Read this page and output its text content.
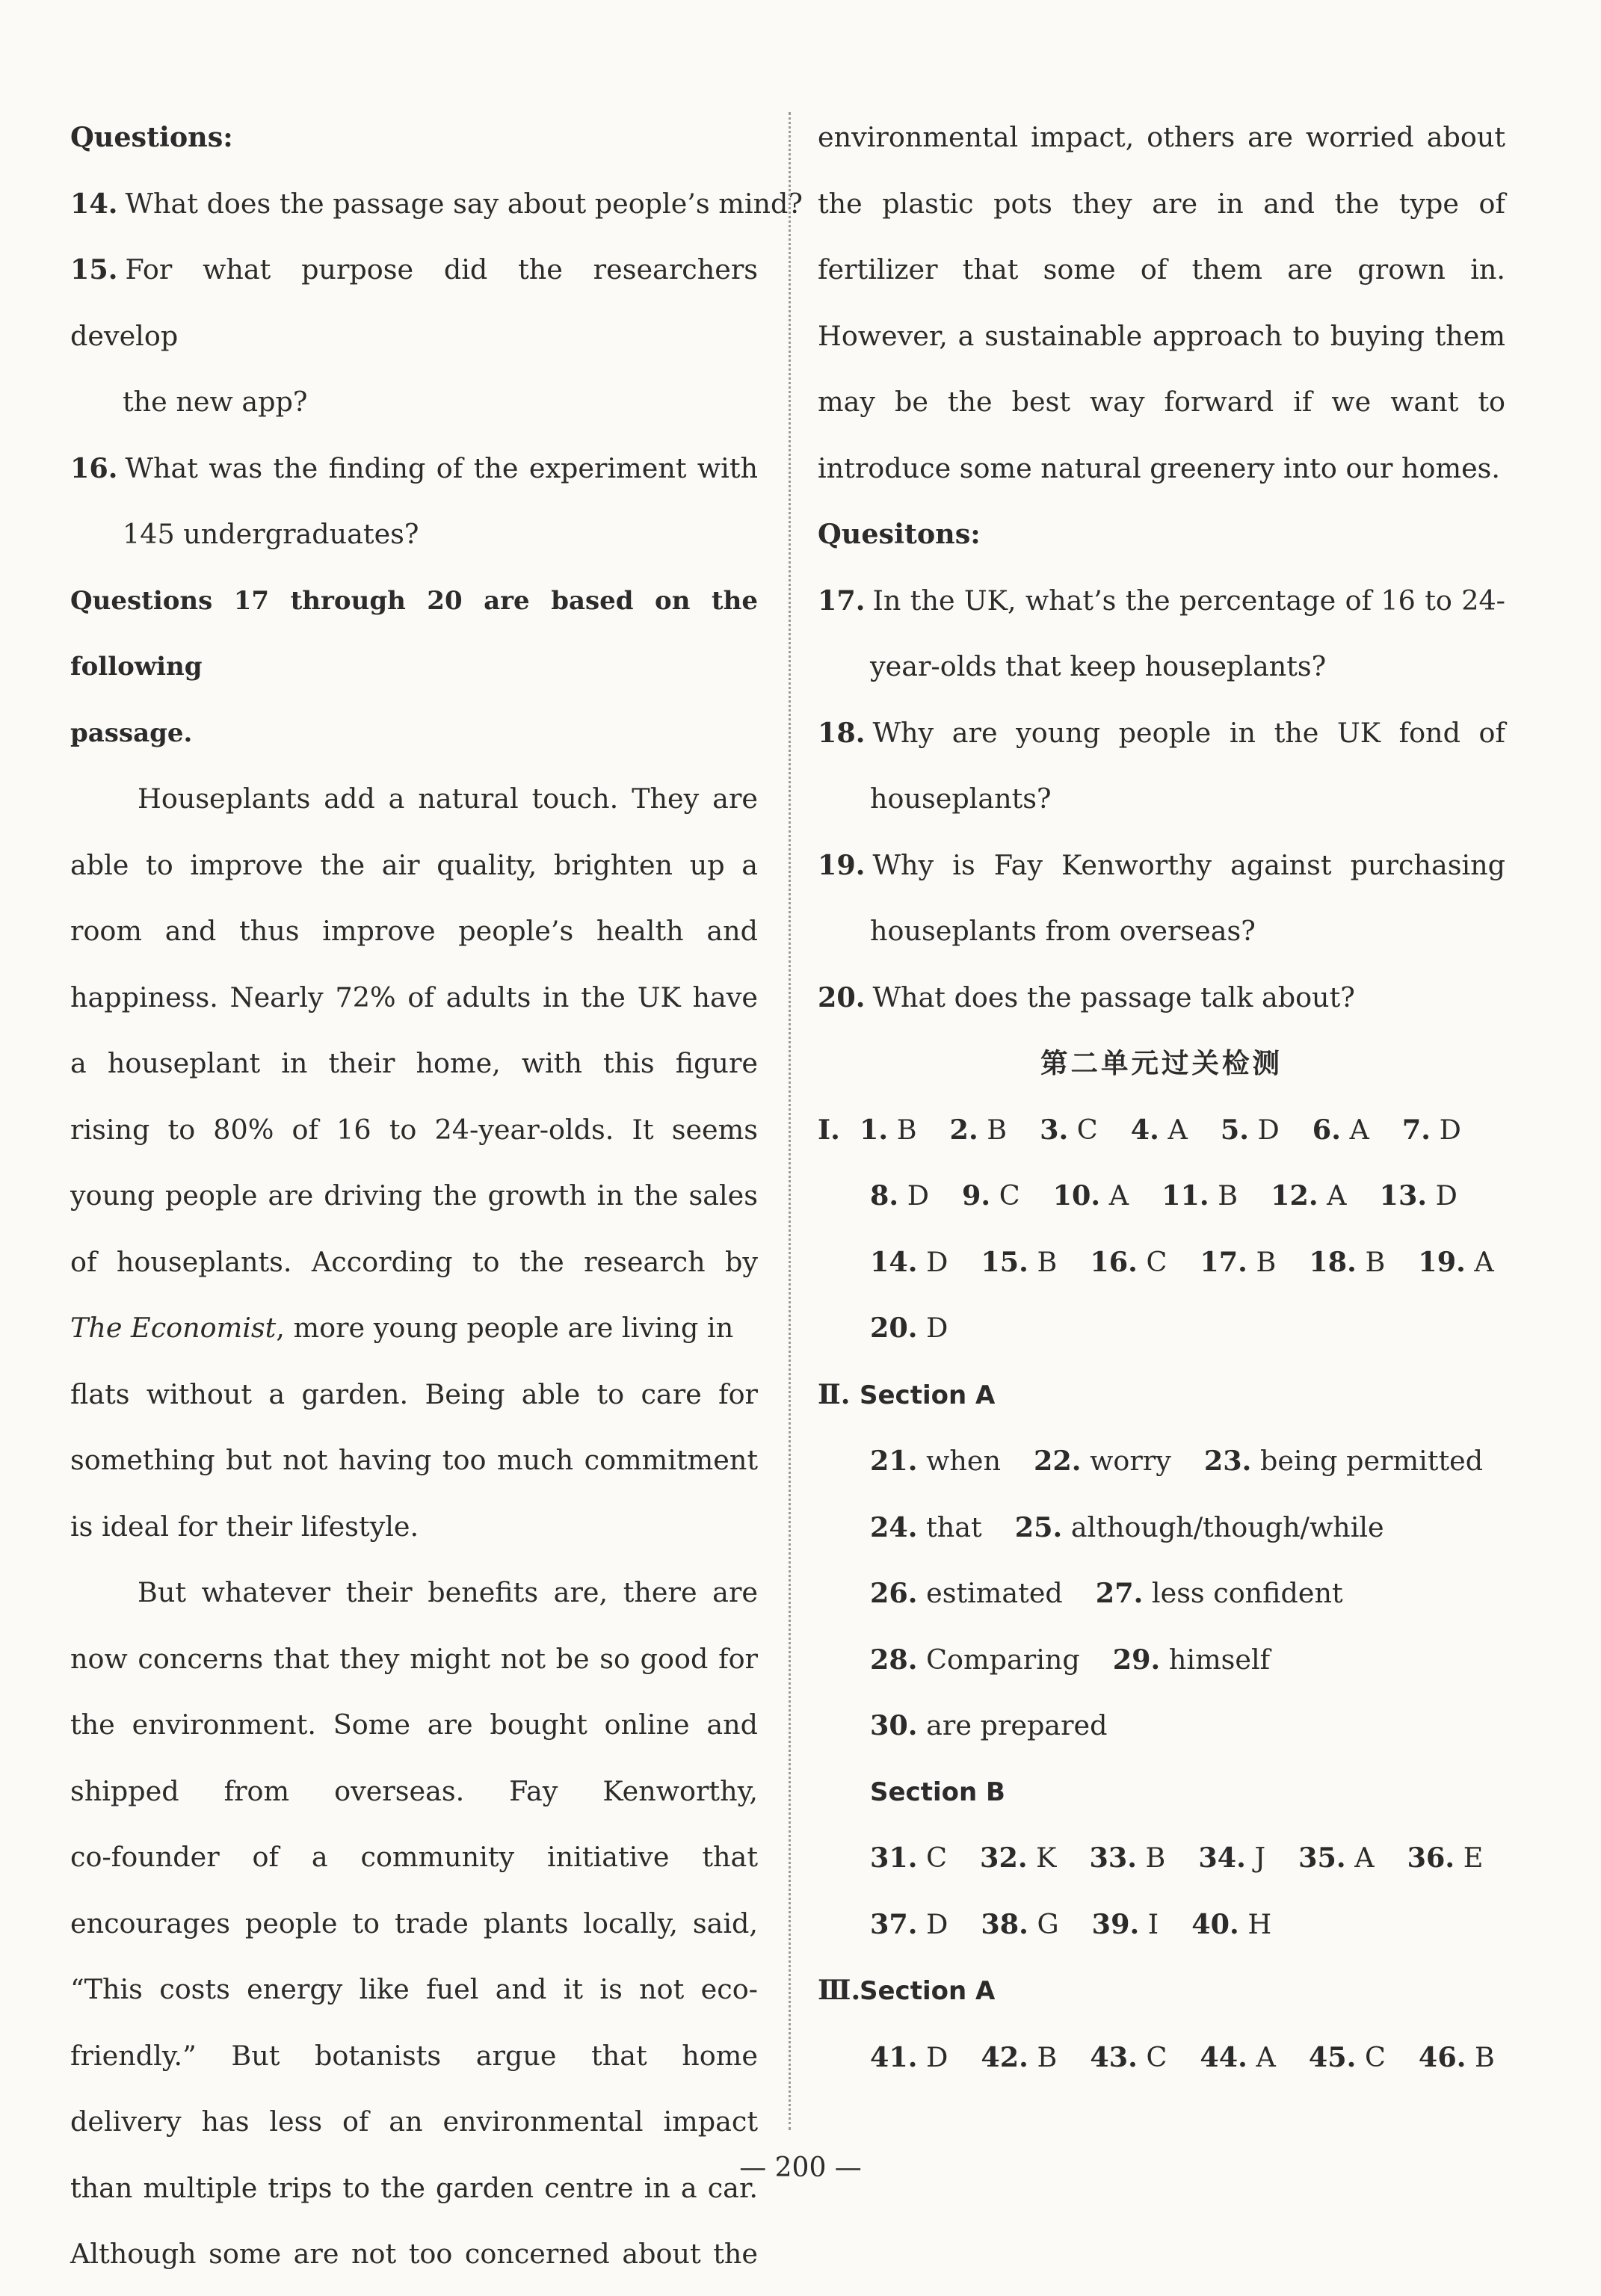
Questions:
14. What does the passage say about people’s mind?
15. For what purpose did the researchers develop
the new app?
16. What was the finding of the experiment with
145 undergraduates?
Questions 17 through 20 are based on the following
passage.
Houseplants add a natural touch. They are
able to improve the air quality, brighten up a
room and thus improve people’s health and
happiness. Nearly 72% of adults in the UK have
a houseplant in their home, with this figure
rising to 80% of 16 to 24-year-olds. It seems
young people are driving the growth in the sales
of houseplants. According to the research by
The Economist, more young people are living in
flats without a garden. Being able to care for
something but not having too much commitment
is ideal for their lifestyle.
But whatever their benefits are, there are
now concerns that they might not be so good for
the environment. Some are bought online and
shipped from overseas. Fay Kenworthy,
co-founder of a community initiative that
encourages people to trade plants locally, said,
“This costs energy like fuel and it is not eco-
friendly.” But botanists argue that home
delivery has less of an environmental impact
than multiple trips to the garden centre in a car.
Although some are not too concerned about the
environmental impact, others are worried about
the plastic pots they are in and the type of
fertilizer that some of them are grown in.
However, a sustainable approach to buying them
may be the best way forward if we want to
introduce some natural greenery into our homes.
Quesitons:
17. In the UK, what’s the percentage of 16 to 24-
year-olds that keep houseplants?
18. Why are young people in the UK fond of
houseplants?
19. Why is Fay Kenworthy against purchasing
houseplants from overseas?
20. What does the passage talk about?
第二单元过关检测
Ⅰ. 1. B 2. B 3. C 4. A 5. D 6. A 7. D
8. D 9. C 10. A 11. B 12. A 13. D
14. D 15. B 16. C 17. B 18. B 19. A
20. D
Ⅱ. Section A
21. when 22. worry 23. being permitted
24. that 25. although/though/while
26. estimated 27. less confident
28. Comparing 29. himself
30. are prepared
Section B
31. C 32. K 33. B 34. J 35. A 36. E
37. D 38. G 39. I 40. H
Ⅲ.
Section A
41. D 42. B 43. C 44. A 45. C 46. B
— 200 —
